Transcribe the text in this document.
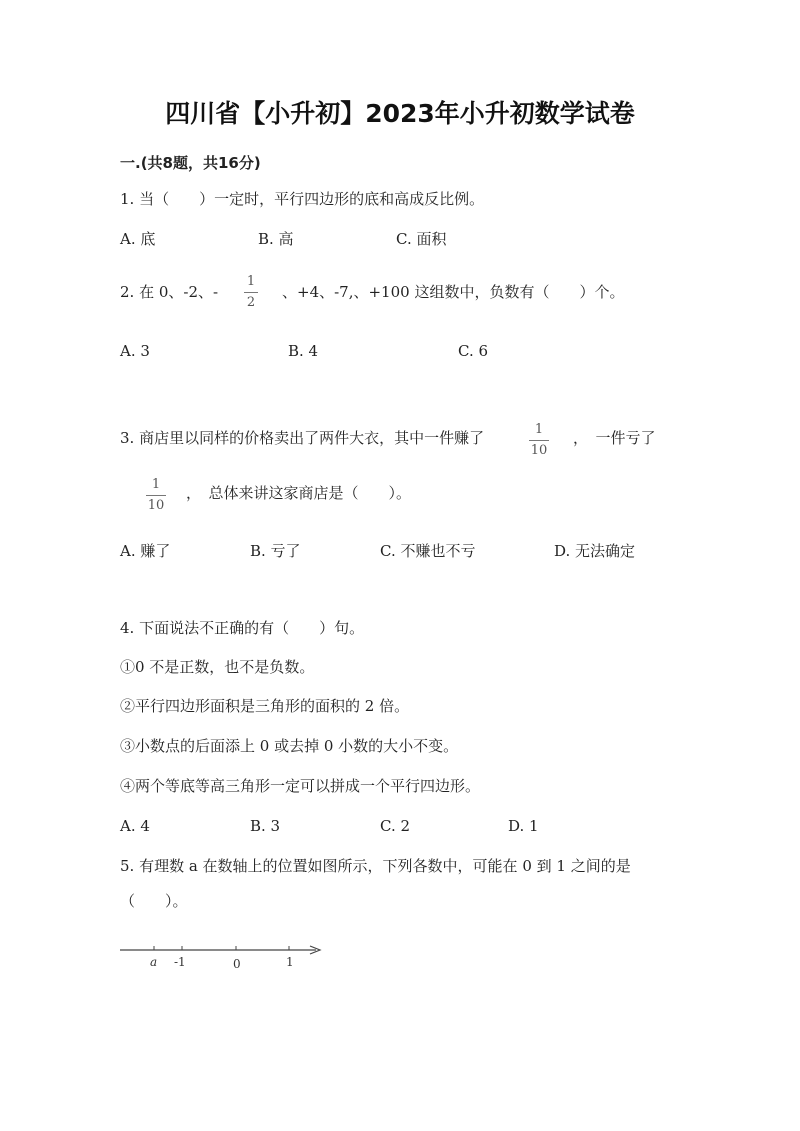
四川省【小升初】2023年小升初数学试卷
一.(共8题，共16分)
1. 当（　　）一定时，平行四边形的底和高成反比例。
A. 底	B. 高	C. 面积
2. 在 0、-2、-
1
2
、+4、-7,、+100 这组数中，负数有（　　）个。
A. 3	B. 4	C. 6
3. 商店里以同样的价格卖出了两件大衣，其中一件赚了	1
10
，　一件亏了
1
10
，　总体来讲这家商店是（　　）。
A. 赚了	B. 亏了	C. 不赚也不亏	D. 无法确定
4. 下面说法不正确的有（　　）句。
①0 不是正数，也不是负数。
②平行四边形面积是三角形的面积的 2 倍。
③小数点的后面添上 0 或去掉 0 小数的大小不变。
④两个等底等高三角形一定可以拼成一个平行四边形。
A. 4	B. 3	C. 2	D. 1
5. 有理数 a 在数轴上的位置如图所示，下列各数中，可能在 0 到 1 之间的是
（　　）。
a -1	0	1
